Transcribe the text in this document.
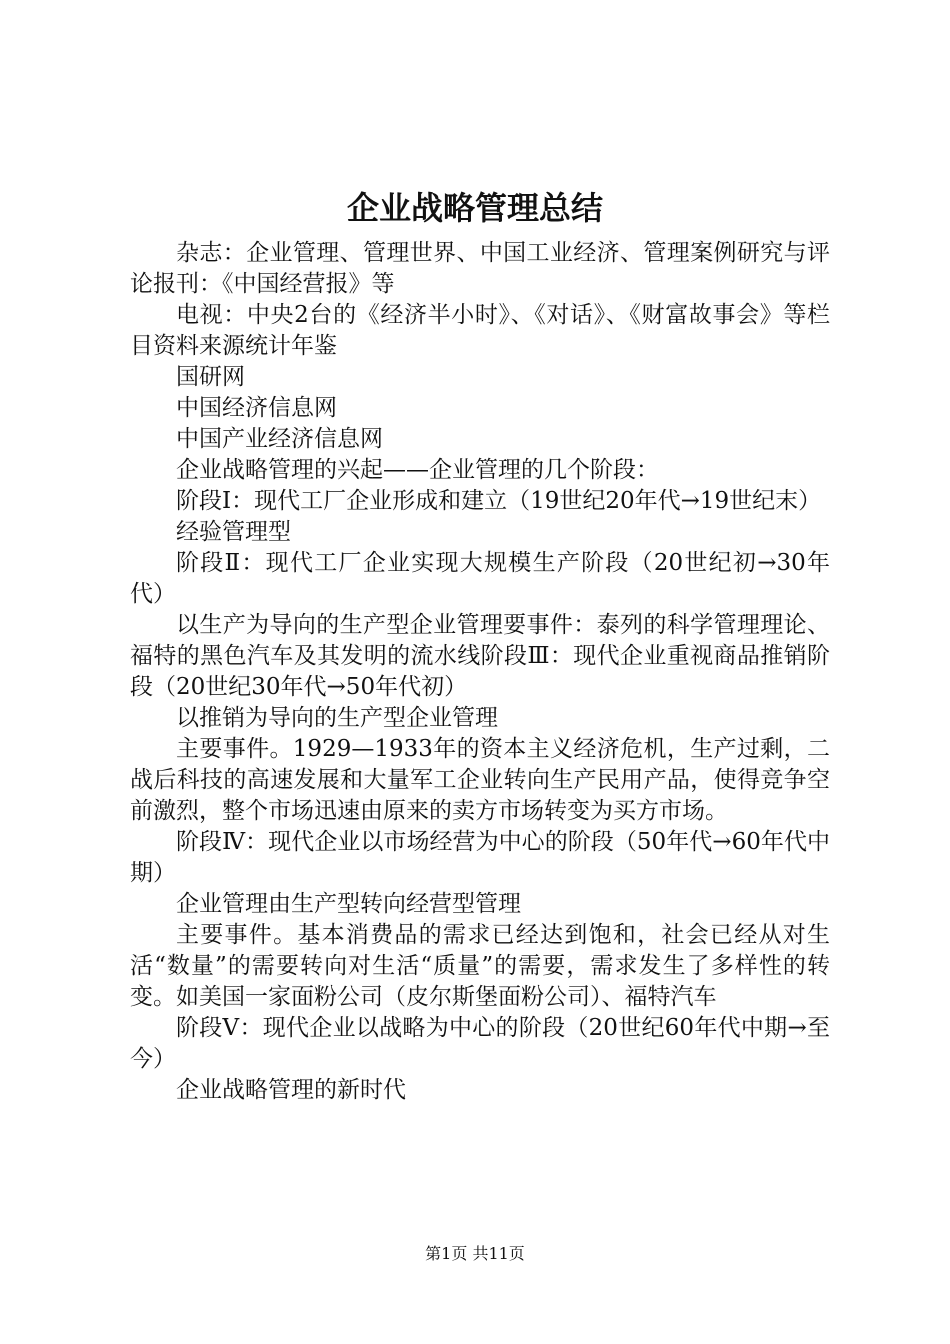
企业战略管理总结

杂志：企业管理、管理世界、中国工业经济、管理案例研究与评论报刊：《中国经营报》等

电视：中央2台的《经济半小时》、《对话》、《财富故事会》等栏目资料来源统计年鉴

国研网

中国经济信息网

中国产业经济信息网

企业战略管理的兴起——企业管理的几个阶段：

阶段Ⅰ：现代工厂企业形成和建立（19世纪20年代→19世纪末）

经验管理型

阶段Ⅱ：现代工厂企业实现大规模生产阶段（20世纪初→30年代）

以生产为导向的生产型企业管理要事件：泰列的科学管理理论、福特的黑色汽车及其发明的流水线阶段Ⅲ：现代企业重视商品推销阶段（20世纪30年代→50年代初）

以推销为导向的生产型企业管理

主要事件。1929—1933年的资本主义经济危机，生产过剩，二战后科技的高速发展和大量军工企业转向生产民用产品，使得竞争空前激烈，整个市场迅速由原来的卖方市场转变为买方市场。

阶段Ⅳ：现代企业以市场经营为中心的阶段（50年代→60年代中期）

企业管理由生产型转向经营型管理

主要事件。基本消费品的需求已经达到饱和，社会已经从对生活“数量”的需要转向对生活“质量”的需要，需求发生了多样性的转变。如美国一家面粉公司（皮尔斯堡面粉公司）、福特汽车

阶段Ⅴ：现代企业以战略为中心的阶段（20世纪60年代中期→至今）

企业战略管理的新时代

第1页 共11页
